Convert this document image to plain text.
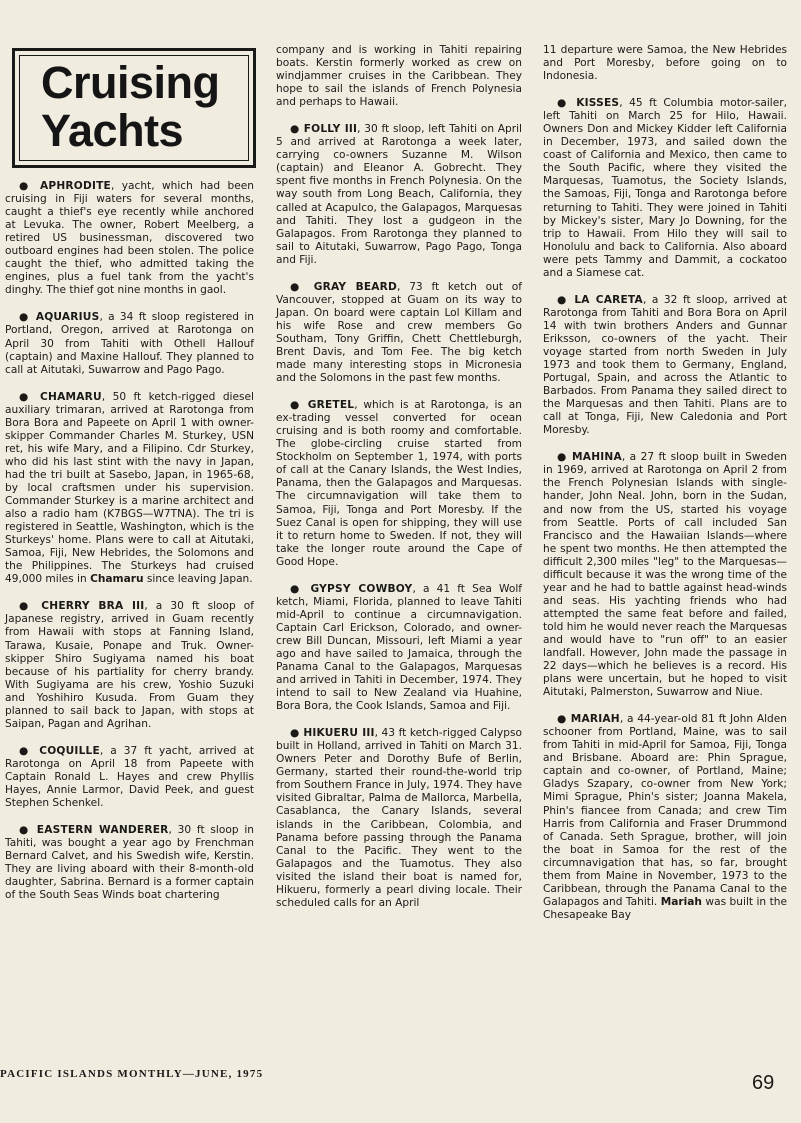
Cruising
Yachts

● APHRODITE, yacht, which had been cruising in Fiji waters for several months, caught a thief's eye recently while anchored at Levuka. The owner, Robert Meelberg, a retired US businessman, discovered two outboard engines had been stolen. The police caught the thief, who admitted taking the engines, plus a fuel tank from the yacht's dinghy. The thief got nine months in gaol.

● AQUARIUS, a 34 ft sloop registered in Portland, Oregon, arrived at Rarotonga on April 30 from Tahiti with Othell Hallouf (captain) and Maxine Hallouf. They planned to call at Aitutaki, Suwarrow and Pago Pago.

● CHAMARU, 50 ft ketch-rigged diesel auxiliary trimaran, arrived at Rarotonga from Bora Bora and Papeete on April 1 with owner-skipper Commander Charles M. Sturkey, USN ret, his wife Mary, and a Filipino. Cdr Sturkey, who did his last stint with the navy in Japan, had the tri built at Sasebo, Japan, in 1965-68, by local craftsmen under his supervision. Commander Sturkey is a marine architect and also a radio ham (K7BGS—W7TNA). The tri is registered in Seattle, Washington, which is the Sturkeys' home. Plans were to call at Aitutaki, Samoa, Fiji, New Hebrides, the Solomons and the Philippines. The Sturkeys had cruised 49,000 miles in Chamaru since leaving Japan.

● CHERRY BRA III, a 30 ft sloop of Japanese registry, arrived in Guam recently from Hawaii with stops at Fanning Island, Tarawa, Kusaie, Ponape and Truk. Owner-skipper Shiro Sugiyama named his boat because of his partiality for cherry brandy. With Sugiyama are his crew, Yoshio Suzuki and Yoshihiro Kusuda. From Guam they planned to sail back to Japan, with stops at Saipan, Pagan and Agrihan.

● COQUILLE, a 37 ft yacht, arrived at Rarotonga on April 18 from Papeete with Captain Ronald L. Hayes and crew Phyllis Hayes, Annie Larmor, David Peek, and guest Stephen Schenkel.

● EASTERN WANDERER, 30 ft sloop in Tahiti, was bought a year ago by Frenchman Bernard Calvet, and his Swedish wife, Kerstin. They are living aboard with their 8-month-old daughter, Sabrina. Bernard is a former captain of the South Seas Winds boat chartering

company and is working in Tahiti repairing boats. Kerstin formerly worked as crew on windjammer cruises in the Caribbean. They hope to sail the islands of French Polynesia and perhaps to Hawaii.

● FOLLY III, 30 ft sloop, left Tahiti on April 5 and arrived at Rarotonga a week later, carrying co-owners Suzanne M. Wilson (captain) and Eleanor A. Gobrecht. They spent five months in French Polynesia. On the way south from Long Beach, California, they called at Acapulco, the Galapagos, Marquesas and Tahiti. They lost a gudgeon in the Galapagos. From Rarotonga they planned to sail to Aitutaki, Suwarrow, Pago Pago, Tonga and Fiji.

● GRAY BEARD, 73 ft ketch out of Vancouver, stopped at Guam on its way to Japan. On board were captain Lol Killam and his wife Rose and crew members Go Southam, Tony Griffin, Chett Chettleburgh, Brent Davis, and Tom Fee. The big ketch made many interesting stops in Micronesia and the Solomons in the past few months.

● GRETEL, which is at Rarotonga, is an ex-trading vessel converted for ocean cruising and is both roomy and comfortable. The globe-circling cruise started from Stockholm on September 1, 1974, with ports of call at the Canary Islands, the West Indies, Panama, then the Galapagos and Marquesas. The circumnavigation will take them to Samoa, Fiji, Tonga and Port Moresby. If the Suez Canal is open for shipping, they will use it to return home to Sweden. If not, they will take the longer route around the Cape of Good Hope.

● GYPSY COWBOY, a 41 ft Sea Wolf ketch, Miami, Florida, planned to leave Tahiti mid-April to continue a circumnavigation. Captain Carl Erickson, Colorado, and owner-crew Bill Duncan, Missouri, left Miami a year ago and have sailed to Jamaica, through the Panama Canal to the Galapagos, Marquesas and arrived in Tahiti in December, 1974. They intend to sail to New Zealand via Huahine, Bora Bora, the Cook Islands, Samoa and Fiji.

● HIKUERU III, 43 ft ketch-rigged Calypso built in Holland, arrived in Tahiti on March 31. Owners Peter and Dorothy Bufe of Berlin, Germany, started their round-the-world trip from Southern France in July, 1974. They have visited Gibraltar, Palma de Mallorca, Marbella, Casablanca, the Canary Islands, several islands in the Caribbean, Colombia, and Panama before passing through the Panama Canal to the Pacific. They went to the Galapagos and the Tuamotus. They also visited the island their boat is named for, Hikueru, formerly a pearl diving locale. Their scheduled calls for an April

11 departure were Samoa, the New Hebrides and Port Moresby, before going on to Indonesia.

● KISSES, 45 ft Columbia motor-sailer, left Tahiti on March 25 for Hilo, Hawaii. Owners Don and Mickey Kidder left California in December, 1973, and sailed down the coast of California and Mexico, then came to the South Pacific, where they visited the Marquesas, Tuamotus, the Society Islands, the Samoas, Fiji, Tonga and Rarotonga before returning to Tahiti. They were joined in Tahiti by Mickey's sister, Mary Jo Downing, for the trip to Hawaii. From Hilo they will sail to Honolulu and back to California. Also aboard were pets Tammy and Dammit, a cockatoo and a Siamese cat.

● LA CARETA, a 32 ft sloop, arrived at Rarotonga from Tahiti and Bora Bora on April 14 with twin brothers Anders and Gunnar Eriksson, co-owners of the yacht. Their voyage started from north Sweden in July 1973 and took them to Germany, England, Portugal, Spain, and across the Atlantic to Barbados. From Panama they sailed direct to the Marquesas and then Tahiti. Plans are to call at Tonga, Fiji, New Caledonia and Port Moresby.

● MAHINA, a 27 ft sloop built in Sweden in 1969, arrived at Rarotonga on April 2 from the French Polynesian Islands with single-hander, John Neal. John, born in the Sudan, and now from the US, started his voyage from Seattle. Ports of call included San Francisco and the Hawaiian Islands—where he spent two months. He then attempted the difficult 2,300 miles "leg" to the Marquesas—difficult because it was the wrong time of the year and he had to battle against head-winds and seas. His yachting friends who had attempted the same feat before and failed, told him he would never reach the Marquesas and would have to "run off" to an easier landfall. However, John made the passage in 22 days—which he believes is a record. His plans were uncertain, but he hoped to visit Aitutaki, Palmerston, Suwarrow and Niue.

● MARIAH, a 44-year-old 81 ft John Alden schooner from Portland, Maine, was to sail from Tahiti in mid-April for Samoa, Fiji, Tonga and Brisbane. Aboard are: Phin Sprague, captain and co-owner, of Portland, Maine; Gladys Szapary, co-owner from New York; Mimi Sprague, Phin's sister; Joanna Makela, Phin's fiancee from Canada; and crew Tim Harris from California and Fraser Drummond of Canada. Seth Sprague, brother, will join the boat in Samoa for the rest of the circumnavigation that has, so far, brought them from Maine in November, 1973 to the Caribbean, through the Panama Canal to the Galapagos and Tahiti. Mariah was built in the Chesapeake Bay

PACIFIC ISLANDS MONTHLY—JUNE, 1975	69
